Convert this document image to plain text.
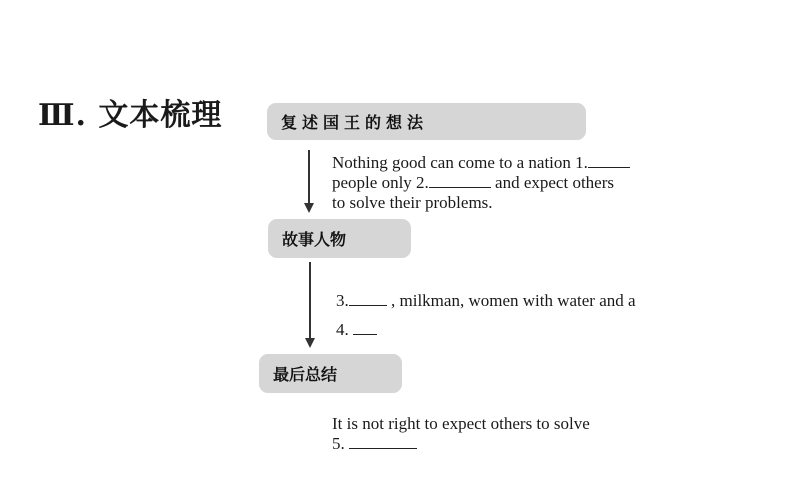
Ⅲ. 文本梳理	复述国王的想法
Nothing good can come to a nation 1.
people only 2.	and expect others
to solve their problems.
故事人物
3. , milkman, women with water and a
4.
最后总结
It is not right to expect others to solve
5.
